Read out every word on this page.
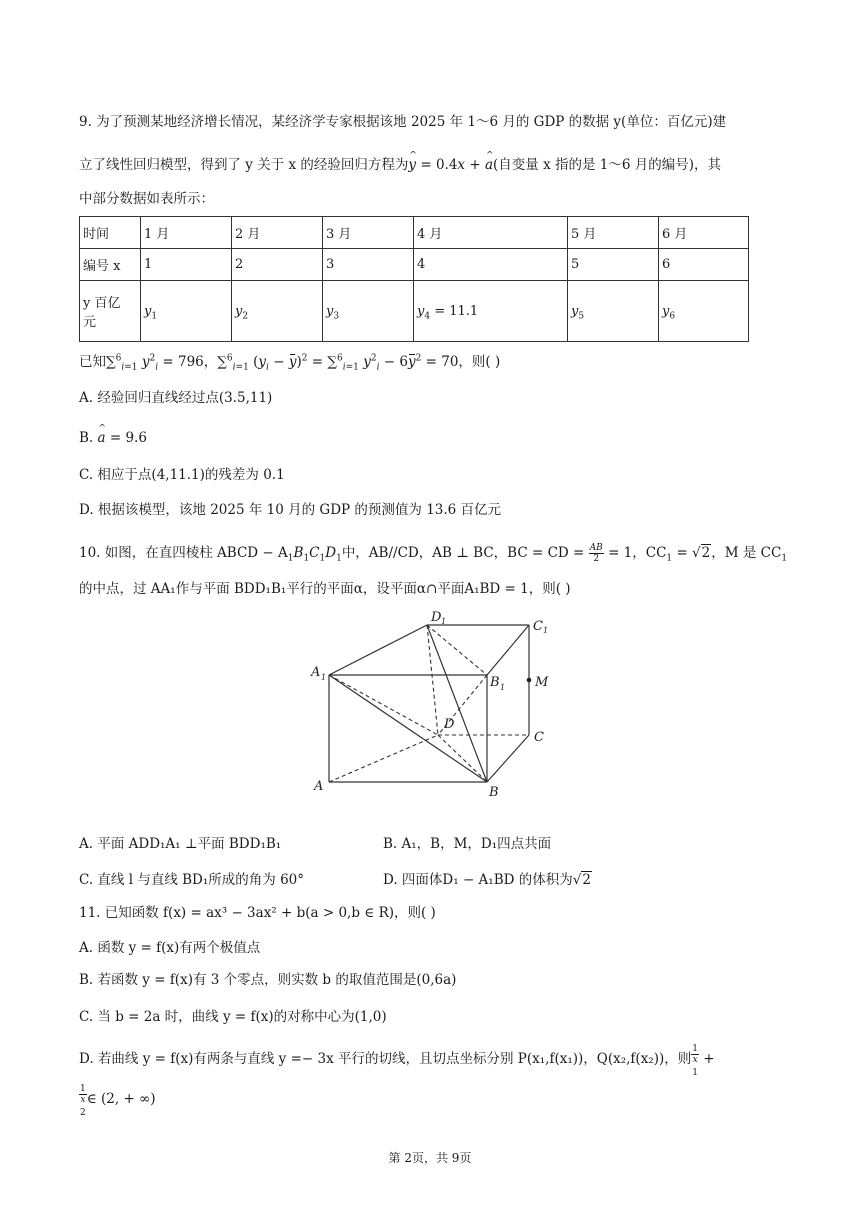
9. 为了预测某地经济增长情况，某经济学专家根据该地 2025 年 1～6 月的 GDP 的数据 y(单位：百亿元)建
立了线性回归模型，得到了 y 关于 x 的经验回归方程为^ y = 0.4x + ^ a(自变量 x 指的是 1～6 月的编号)，其
中部分数据如表所示：
时间	1 月	2 月	3 月	4 月	5 月	6 月
编号 x	1	2	3	4	5	6
y 百亿
元	$y_1$	$y_2$	$y_3$	$y_4 = 11.1$	$y_5$	$y_6$
已知∑$^6_{i=1}$ $y^2_i = 796$，∑$^6_{i=1}$ $(y_i - y)^2 = \sum^6_{i=1}$ $y^2_i - 6y^2 = 70$，则( )
A. 经验回归直线经过点(3.5,11)
B. ^ a = 9.6
C. 相应于点(4,11.1)的残差为 0.1
D. 根据该模型，该地 2025 年 10 月的 GDP 的预测值为 13.6 百亿元
10. 如图，在直四棱柱 ABCD − $A_1B_1C_1D_1$中，AB//CD，AB ⊥ BC，BC = CD = $\frac{AB}{2} = 1$，$CC_1 = √2$，M 是 $CC_1$
的中点，过 AA₁作与平面 BDD₁B₁平行的平面α，设平面α∩平面A₁BD = 1，则( )
A 1
D 1	C 1
B 1 M
D
C
A	B
A. 平面 ADD₁A₁ ⊥平面 BDD₁B₁	B. A₁，B，M，D₁四点共面
C. 直线 l 与直线 BD₁所成的角为 60°	D. 四面体D₁ − A₁BD 的体积为√2
11. 已知函数 f(x) = ax³ − 3ax² + b(a > 0,b ∈ R)，则( )
A. 函数 y = f(x)有两个极值点
B. 若函数 y = f(x)有 3 个零点，则实数 b 的取值范围是(0,6a)
C. 当 b = 2a 时，曲线 y = f(x)的对称中心为(1,0)
D. 若曲线 y = f(x)有两条与直线 y =− 3x 平行的切线，且切点坐标分别 P(x₁,f(x₁))，Q(x₂,f(x₂))，则 1
x
$_1$ +
1
x
$_2$ ∈ (2, + ∞)
第 2页，共 9页
